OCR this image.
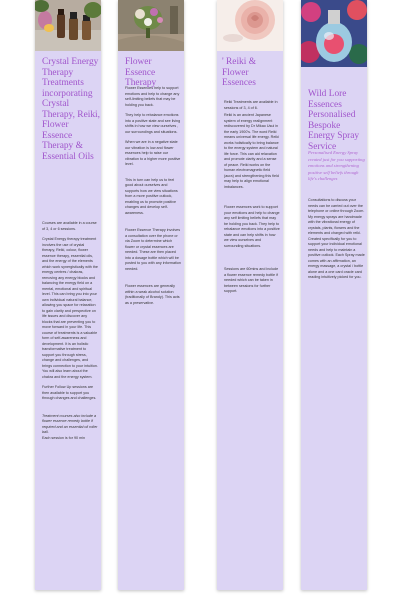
Crystal Energy Therapy Treatments incorporating Crystal Therapy, Reiki, Flower Essence Therapy & Essential Oils

Courses are available in a course of 3, 4 or 6 sessions.

Crystal Energy therapy treatment involves the use of crystal therapy, Reiki, colour, flower essence therapy, essential oils, and the energy of the elements which work synergistically with the energy centres / chakras, removing any energy blocks and balancing the energy field on a mental, emotional and spiritual level. This can bring you into your own individual natural balance, allowing you space for relaxation to gain clarity and perspective on life issues and discover any blocks that are preventing you to move forward in your life. This course of treatments is a valuable form of self-awareness and development. It is an holistic transformative treatment to support you through stress, change and challenges, and brings connection to your intuition. You will also learn about the chakra and the energy system.

Further Follow Up sessions are then available to support you through changes and challenges.

Treatment courses also include a flower essence remedy bottle if required and an essential oil roller ball.

Each session is for 90 min

Flower Essence Therapy

Flower Essences help to support emotions and help to change any self-limiting beliefs that may be holding you back.

They help to rebalance emotions into a positive state and see living shifts in how we view ourselves , our surroundings and situations.

When we are in a negative state our vibration is low and flower essences help to raise our vibration to a higher more positive level.

This in turn can help us to feel good about ourselves and supports how we view situations from a more positive outlook, enabling us to promote positive changes and develop self-awareness.

Flower Essence Therapy involves a consultation over the phone or via Zoom to determine which flower or crystal essences are needed. These are then placed into a dosage bottle which will be posted to you with any information needed.

Flower essences are generally within a weak alcohol solution (traditionally of Brandy). This acts as a preservative.

' Reiki & Flower Essences

Reiki Treatments are available in sessions of 3, 4 of 6.

Reiki is an ancient Japanese system of energy realignment rediscovered by Dr Mikao Usui in the early 1900's. The word Reiki means universal life energy. Reiki works holistically to bring balance to the energy system and natural life force. This can aid relaxation and promote clarity and a sense of peace. Reiki works on the human electromagnetic field (aura) and strengthening this field may help to align emotional imbalances.

Flower essences work to support your emotions and help to change any self limiting beliefs that may be holding you back. They help to rebalance emotions into a positive state and can help shifts in how we view ourselves and surrounding situations.

Sessions are 60mins and include a flower essence remedy bottle if needed which can be taken in between sessions for further support.

Wild Lore Essences Personalised Bespoke Energy Spray Service

Personalised Energy Spray created just for you supporting emotions and strengthening positive self beliefs through life's challenges

Consultations to discuss your needs can be carried out over the telephone or online through Zoom. My energy sprays are handmade with the vibrational energy of crystals, plants, flowers and the elements and charged with reiki. Created specifically for you to support your individual emotional needs and help to maintain a positive outlook. Each Spray made comes with an affirmation, an energy massage, a crystal / bottle alone and a one card oracle card reading intuitively picked for you.
